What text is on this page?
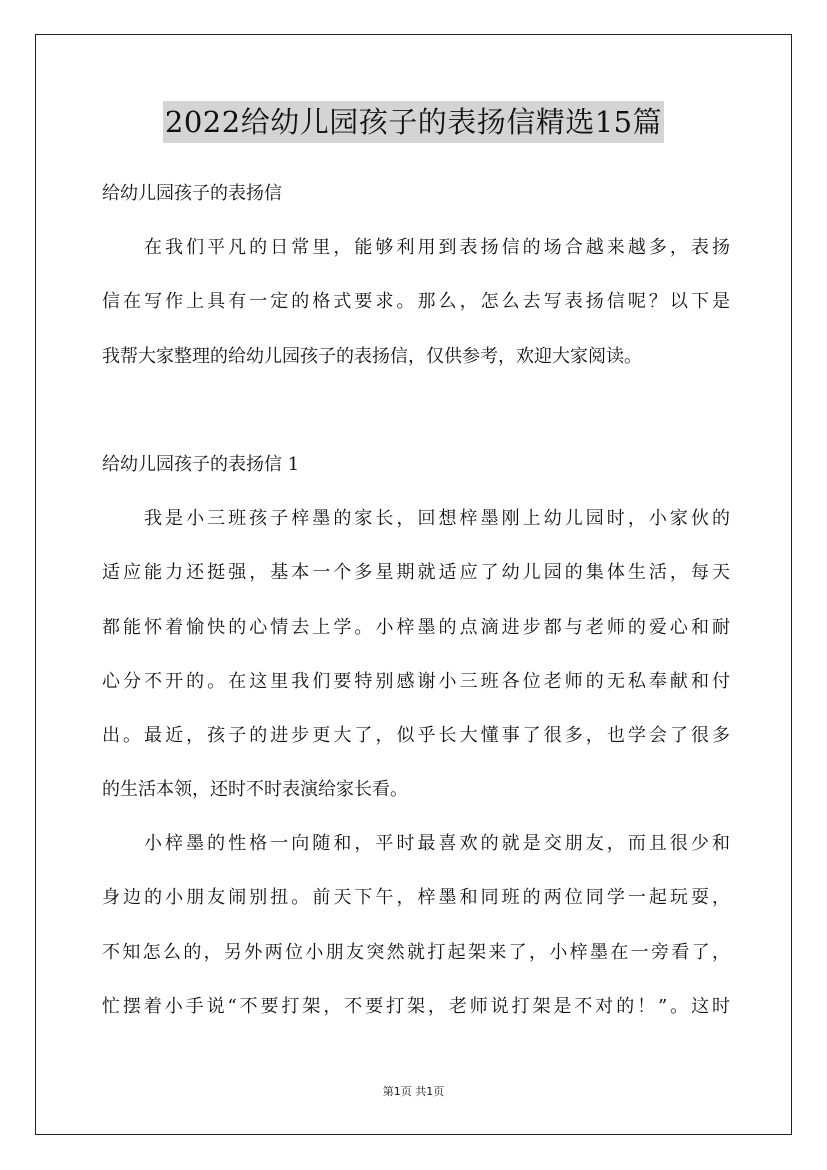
2022给幼儿园孩子的表扬信精选15篇
给幼儿园孩子的表扬信
在我们平凡的日常里，能够利用到表扬信的场合越来越多，表扬
信在写作上具有一定的格式要求。那么，怎么去写表扬信呢？以下是
我帮大家整理的给幼儿园孩子的表扬信，仅供参考，欢迎大家阅读。
给幼儿园孩子的表扬信 1
我是小三班孩子梓墨的家长，回想梓墨刚上幼儿园时，小家伙的
适应能力还挺强，基本一个多星期就适应了幼儿园的集体生活，每天
都能怀着愉快的心情去上学。小梓墨的点滴进步都与老师的爱心和耐
心分不开的。在这里我们要特别感谢小三班各位老师的无私奉献和付
出。最近，孩子的进步更大了，似乎长大懂事了很多，也学会了很多
的生活本领，还时不时表演给家长看。
小梓墨的性格一向随和，平时最喜欢的就是交朋友，而且很少和
身边的小朋友闹别扭。前天下午，梓墨和同班的两位同学一起玩耍，
不知怎么的，另外两位小朋友突然就打起架来了，小梓墨在一旁看了，
忙摆着小手说“不要打架，不要打架，老师说打架是不对的！”。这时
第1页 共1页
